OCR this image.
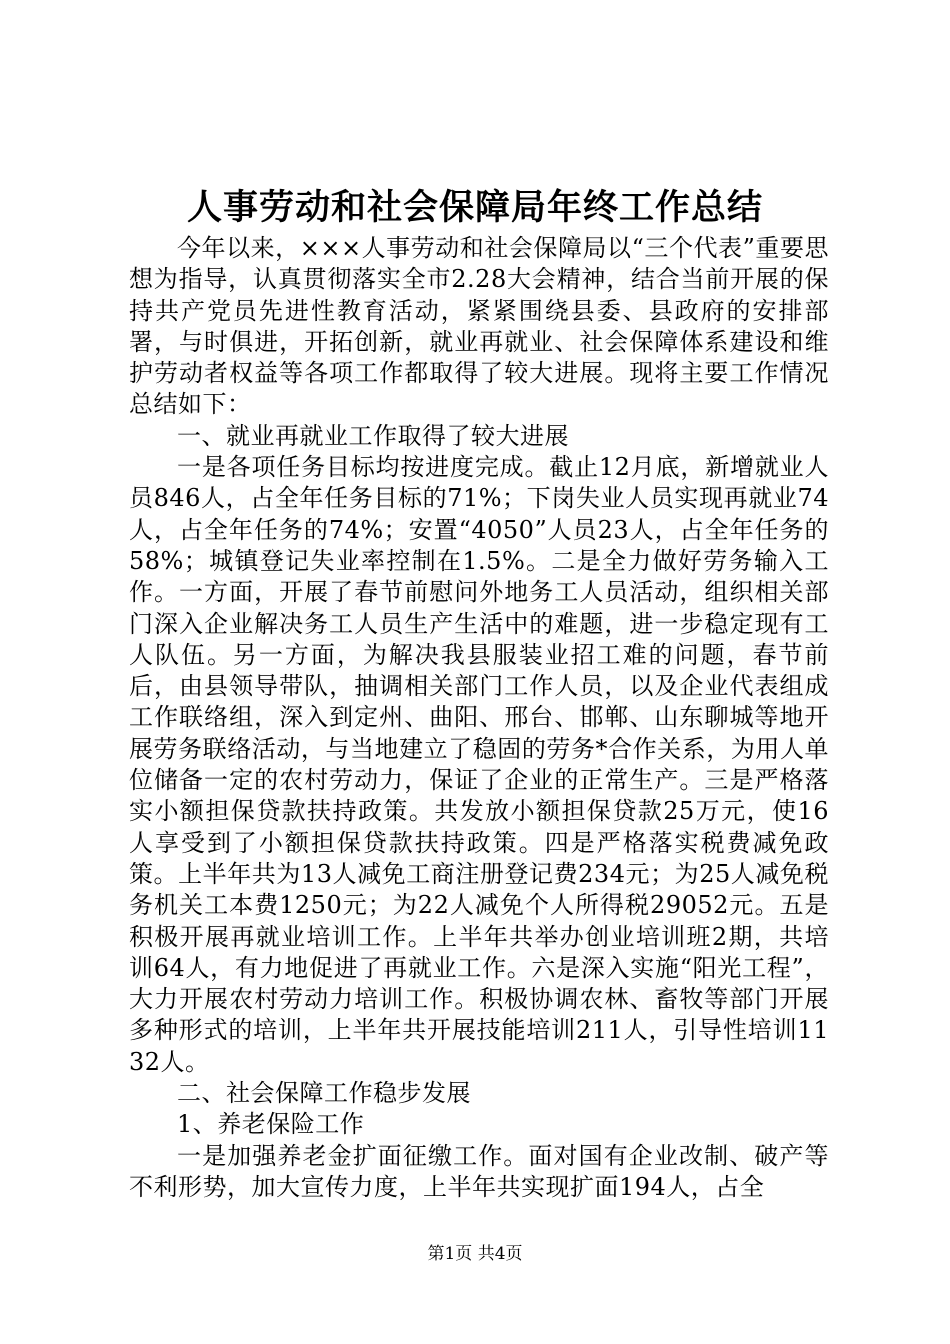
人事劳动和社会保障局年终工作总结

今年以来，×××人事劳动和社会保障局以“三个代表”重要思想为指导，认真贯彻落实全市2.28大会精神，结合当前开展的保持共产党员先进性教育活动，紧紧围绕县委、县政府的安排部署，与时俱进，开拓创新，就业再就业、社会保障体系建设和维护劳动者权益等各项工作都取得了较大进展。现将主要工作情况总结如下：

一、就业再就业工作取得了较大进展

一是各项任务目标均按进度完成。截止12月底，新增就业人员846人，占全年任务目标的71%；下岗失业人员实现再就业74人，占全年任务的74%；安置“4050”人员23人，占全年任务的58%；城镇登记失业率控制在1.5%。二是全力做好劳务输入工作。一方面，开展了春节前慰问外地务工人员活动，组织相关部门深入企业解决务工人员生产生活中的难题，进一步稳定现有工人队伍。另一方面，为解决我县服装业招工难的问题，春节前后，由县领导带队，抽调相关部门工作人员，以及企业代表组成工作联络组，深入到定州、曲阳、邢台、邯郸、山东聊城等地开展劳务联络活动，与当地建立了稳固的劳务*合作关系，为用人单位储备一定的农村劳动力，保证了企业的正常生产。三是严格落实小额担保贷款扶持政策。共发放小额担保贷款25万元，使16人享受到了小额担保贷款扶持政策。四是严格落实税费减免政策。上半年共为13人减免工商注册登记费234元；为25人减免税务机关工本费1250元；为22人减免个人所得税29052元。五是积极开展再就业培训工作。上半年共举办创业培训班2期，共培训64人，有力地促进了再就业工作。六是深入实施“阳光工程”，大力开展农村劳动力培训工作。积极协调农林、畜牧等部门开展多种形式的培训，上半年共开展技能培训211人，引导性培训1132人。

二、社会保障工作稳步发展

1、养老保险工作

一是加强养老金扩面征缴工作。面对国有企业改制、破产等不利形势，加大宣传力度，上半年共实现扩面194人，占全

第1页 共4页
